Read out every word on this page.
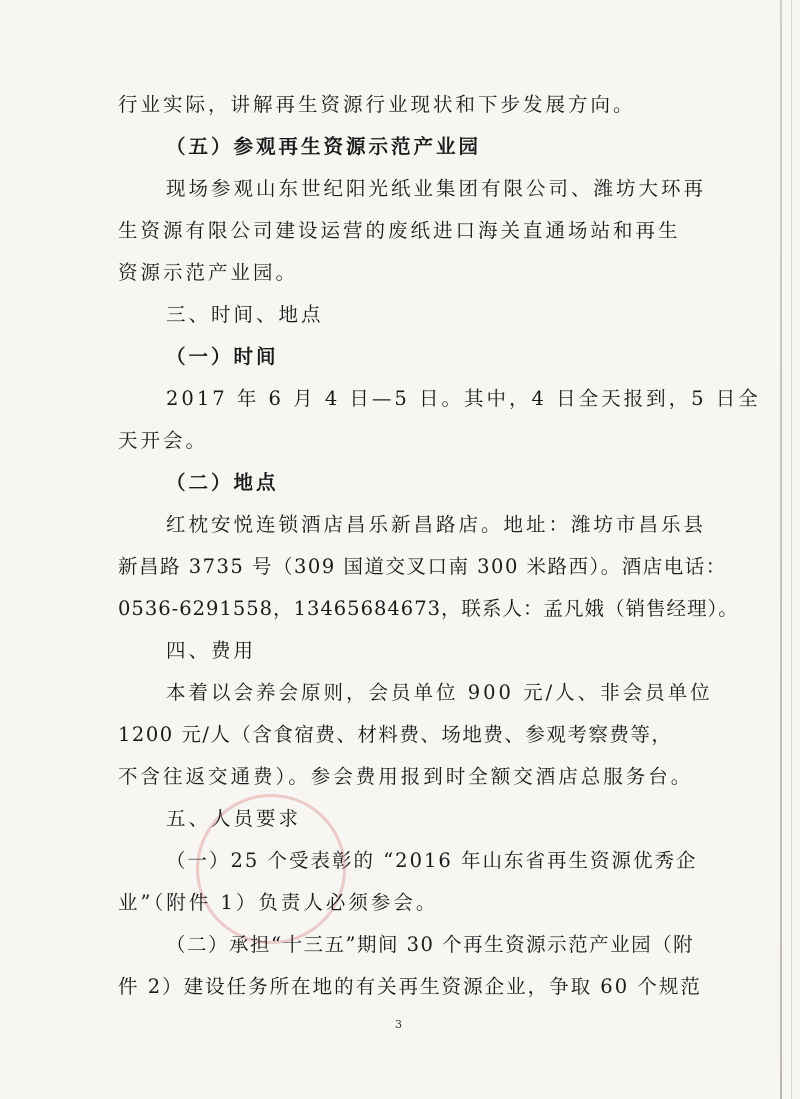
行业实际，讲解再生资源行业现状和下步发展方向。
（五）参观再生资源示范产业园
现场参观山东世纪阳光纸业集团有限公司、潍坊大环再
生资源有限公司建设运营的废纸进口海关直通场站和再生
资源示范产业园。
三、时间、地点
（一）时间
2017 年 6 月 4 日—5 日。其中，4 日全天报到，5 日全
天开会。
（二）地点
红枕安悦连锁酒店昌乐新昌路店。地址：潍坊市昌乐县
新昌路 3735 号（309 国道交叉口南 300 米路西）。酒店电话：
0536-6291558，13465684673，联系人：孟凡娥（销售经理）。
四、费用
本着以会养会原则，会员单位 900 元/人、非会员单位
1200 元/人（含食宿费、材料费、场地费、参观考察费等，
不含往返交通费）。参会费用报到时全额交酒店总服务台。
五、人员要求
（一）25 个受表彰的 “2016 年山东省再生资源优秀企
业”（附件 1）负责人必须参会。
（二）承担“十三五”期间 30 个再生资源示范产业园（附
件 2）建设任务所在地的有关再生资源企业，争取 60 个规范
3
